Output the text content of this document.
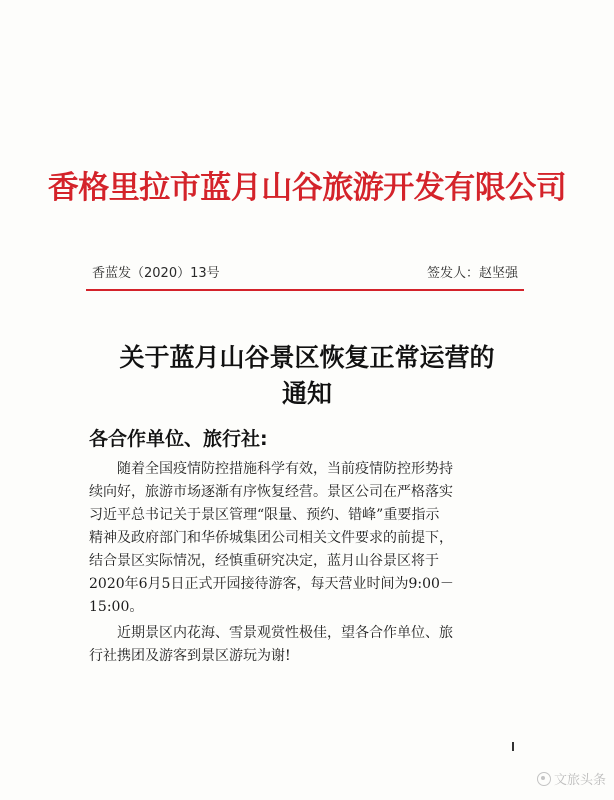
香格里拉市蓝月山谷旅游开发有限公司
香蓝发（2020）13号	签发人：赵坚强
关于蓝月山谷景区恢复正常运营的
通知
各合作单位、旅行社:
随着全国疫情防控措施科学有效，当前疫情防控形势持
续向好，旅游市场逐渐有序恢复经营。景区公司在严格落实
习近平总书记关于景区管理“限量、预约、错峰”重要指示
精神及政府部门和华侨城集团公司相关文件要求的前提下，
结合景区实际情况，经慎重研究决定，蓝月山谷景区将于
2020年6月5日正式开园接待游客，每天营业时间为9:00－
15:00。
近期景区内花海、雪景观赏性极佳，望各合作单位、旅
行社携团及游客到景区游玩为谢!
文旅头条
